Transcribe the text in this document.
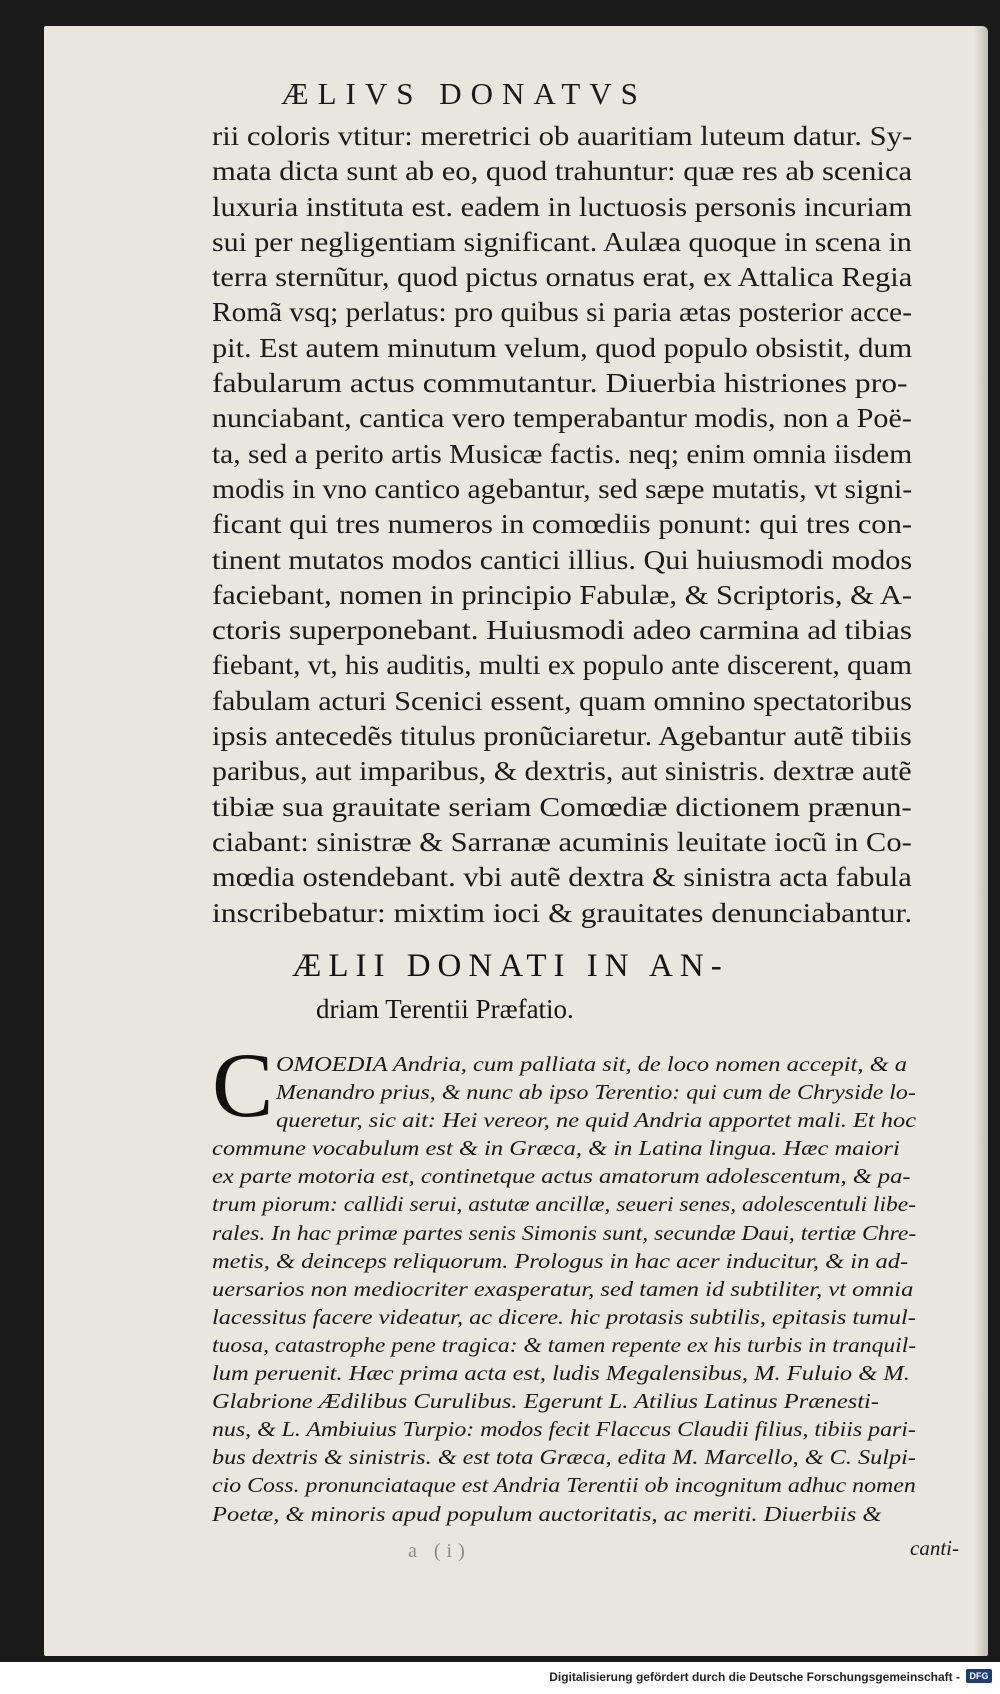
ÆLIVS DONATVS
rii coloris vtitur: meretrici ob auaritiam luteum datur. Sy-
mata dicta sunt ab eo, quod trahuntur: quæ res ab scenica
luxuria instituta est. eadem in luctuosis personis incuriam
sui per negligentiam significant. Aulæa quoque in scena in
terra sternũtur, quod pictus ornatus erat, ex Attalica Regia
Romã vsq; perlatus: pro quibus si paria ætas posterior acce-
pit. Est autem minutum velum, quod populo obsistit, dum
fabularum actus commutantur. Diuerbia histriones pro-
nunciabant, cantica vero temperabantur modis, non a Poë-
ta, sed a perito artis Musicæ factis. neq; enim omnia iisdem
modis in vno cantico agebantur, sed sæpe mutatis, vt signi-
ficant qui tres numeros in comœdiis ponunt: qui tres con-
tinent mutatos modos cantici illius. Qui huiusmodi modos
faciebant, nomen in principio Fabulæ, & Scriptoris, & A-
ctoris superponebant. Huiusmodi adeo carmina ad tibias
fiebant, vt, his auditis, multi ex populo ante discerent, quam
fabulam acturi Scenici essent, quam omnino spectatoribus
ipsis antecedẽs titulus pronũciaretur. Agebantur autẽ tibiis
paribus, aut imparibus, & dextris, aut sinistris. dextræ autẽ
tibiæ sua grauitate seriam Comœdiæ dictionem prænun-
ciabant: sinistræ & Sarranæ acuminis leuitate iocũ in Co-
mœdia ostendebant. vbi autẽ dextra & sinistra acta fabula
inscribebatur: mixtim ioci & grauitates denunciabantur.
ÆLII DONATI IN AN-
driam Terentii Præfatio.
C OMOEDIA Andria, cum palliata sit, de loco nomen accepit, & a
Menandro prius, & nunc ab ipso Terentio: qui cum de Chryside lo-
queretur, sic ait: Hei vereor, ne quid Andria apportet mali. Et hoc
commune vocabulum est & in Græca, & in Latina lingua. Hæc maiori
ex parte motoria est, continetque actus amatorum adolescentum, & pa-
trum piorum: callidi serui, astutæ ancillæ, seueri senes, adolescentuli libe-
rales. In hac primæ partes senis Simonis sunt, secundæ Daui, tertiæ Chre-
metis, & deinceps reliquorum. Prologus in hac acer inducitur, & in ad-
uersarios non mediocriter exasperatur, sed tamen id subtiliter, vt omnia
lacessitus facere videatur, ac dicere. hic protasis subtilis, epitasis tumul-
tuosa, catastrophe pene tragica: & tamen repente ex his turbis in tranquil-
lum peruenit. Hæc prima acta est, ludis Megalensibus, M. Fuluio & M.
Glabrione Ædilibus Curulibus. Egerunt L. Atilius Latinus Prænesti-
nus, & L. Ambiuius Turpio: modos fecit Flaccus Claudii filius, tibiis pari-
bus dextris & sinistris. & est tota Græca, edita M. Marcello, & C. Sulpi-
cio Coss. pronunciataque est Andria Terentii ob incognitum adhuc nomen
Poetæ, & minoris apud populum auctoritatis, ac meriti. Diuerbiis &
a (i)	canti-
Digitalisierung gefördert durch die Deutsche Forschungsgemeinschaft -	DFG
